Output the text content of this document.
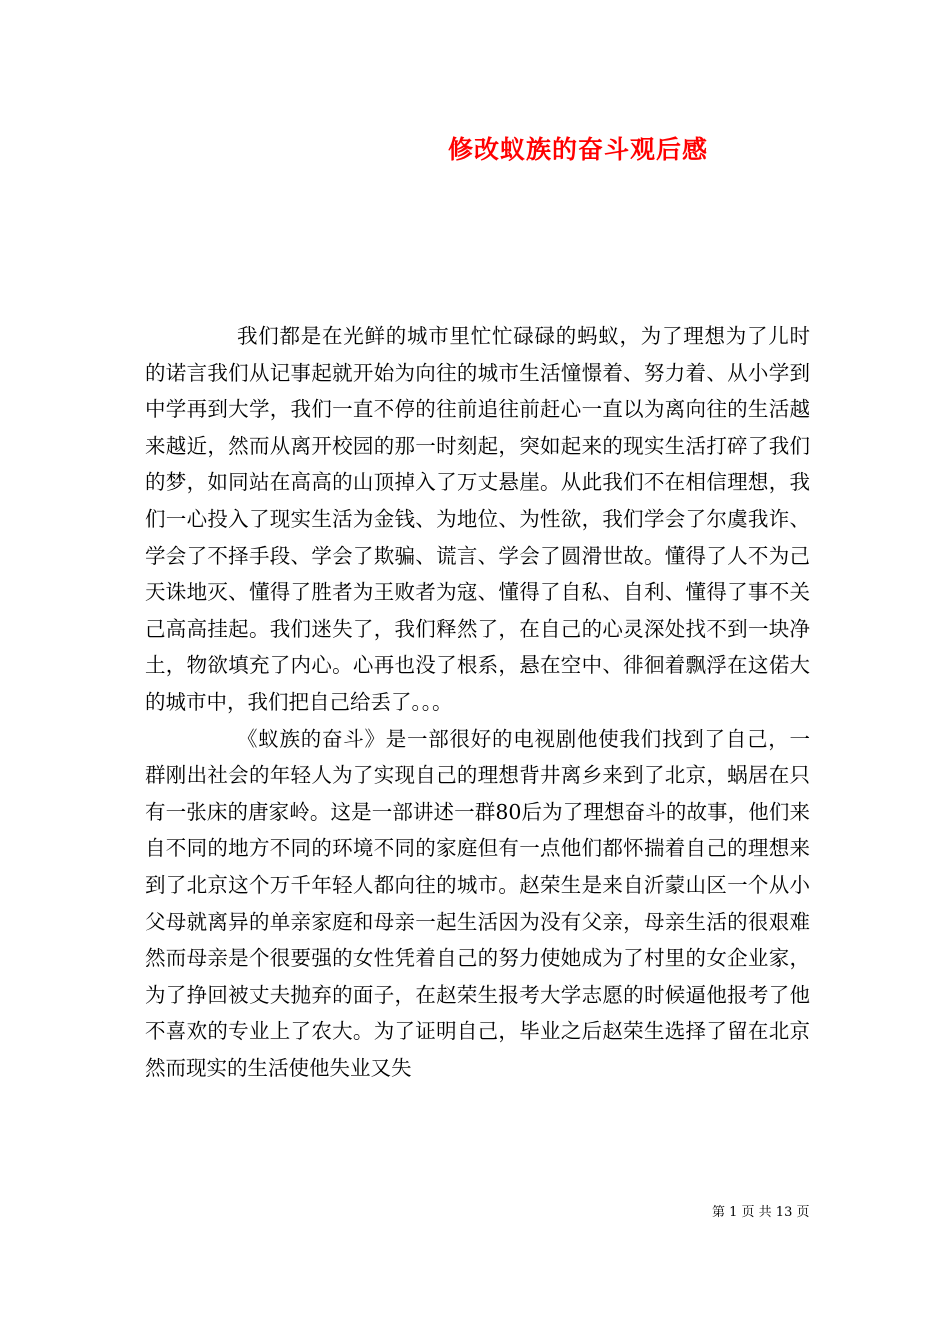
修改蚁族的奋斗观后感

我们都是在光鲜的城市里忙忙碌碌的蚂蚁，为了理想为了儿时的诺言我们从记事起就开始为向往的城市生活憧憬着、努力着、从小学到中学再到大学，我们一直不停的往前追往前赶心一直以为离向往的生活越来越近，然而从离开校园的那一时刻起，突如起来的现实生活打碎了我们的梦，如同站在高高的山顶掉入了万丈悬崖。从此我们不在相信理想，我们一心投入了现实生活为金钱、为地位、为性欲，我们学会了尔虞我诈、学会了不择手段、学会了欺骗、谎言、学会了圆滑世故。懂得了人不为己天诛地灭、懂得了胜者为王败者为寇、懂得了自私、自利、懂得了事不关己高高挂起。我们迷失了，我们释然了，在自己的心灵深处找不到一块净土，物欲填充了内心。心再也没了根系，悬在空中、徘徊着飘浮在这偌大的城市中，我们把自己给丢了。。。

《蚁族的奋斗》是一部很好的电视剧他使我们找到了自己，一群刚出社会的年轻人为了实现自己的理想背井离乡来到了北京，蜗居在只有一张床的唐家岭。这是一部讲述一群80后为了理想奋斗的故事，他们来自不同的地方不同的环境不同的家庭但有一点他们都怀揣着自己的理想来到了北京这个万千年轻人都向往的城市。赵荣生是来自沂蒙山区一个从小父母就离异的单亲家庭和母亲一起生活因为没有父亲，母亲生活的很艰难然而母亲是个很要强的女性凭着自己的努力使她成为了村里的女企业家，为了挣回被丈夫抛弃的面子，在赵荣生报考大学志愿的时候逼他报考了他不喜欢的专业上了农大。为了证明自己，毕业之后赵荣生选择了留在北京然而现实的生活使他失业又失

第 1 页 共 13 页
